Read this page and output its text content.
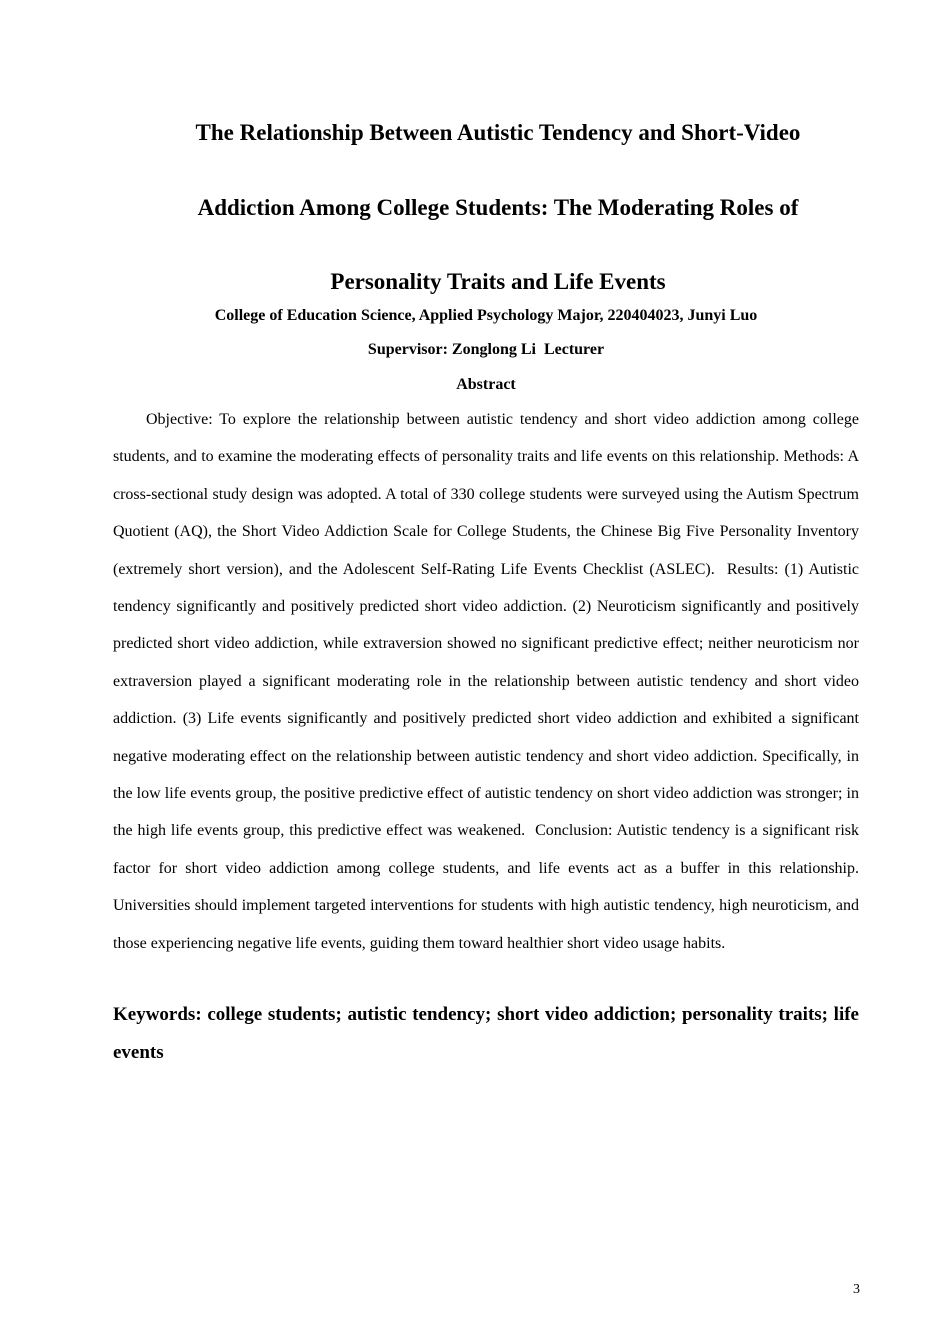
The Relationship Between Autistic Tendency and Short-Video
Addiction Among College Students: The Moderating Roles of
Personality Traits and Life Events

College of Education Science, Applied Psychology Major, 220404023, Junyi Luo

Supervisor: Zonglong Li  Lecturer

Abstract

Objective: To explore the relationship between autistic tendency and short video addiction among college students, and to examine the moderating effects of personality traits and life events on this relationship. Methods: A cross-sectional study design was adopted. A total of 330 college students were surveyed using the Autism Spectrum Quotient (AQ), the Short Video Addiction Scale for College Students, the Chinese Big Five Personality Inventory (extremely short version), and the Adolescent Self-Rating Life Events Checklist (ASLEC).  Results: (1) Autistic tendency significantly and positively predicted short video addiction. (2) Neuroticism significantly and positively predicted short video addiction, while extraversion showed no significant predictive effect; neither neuroticism nor extraversion played a significant moderating role in the relationship between autistic tendency and short video addiction. (3) Life events significantly and positively predicted short video addiction and exhibited a significant negative moderating effect on the relationship between autistic tendency and short video addiction. Specifically, in the low life events group, the positive predictive effect of autistic tendency on short video addiction was stronger; in the high life events group, this predictive effect was weakened.  Conclusion: Autistic tendency is a significant risk factor for short video addiction among college students, and life events act as a buffer in this relationship. Universities should implement targeted interventions for students with high autistic tendency, high neuroticism, and those experiencing negative life events, guiding them toward healthier short video usage habits.

Keywords: college students; autistic tendency; short video addiction; personality traits; life events

3
